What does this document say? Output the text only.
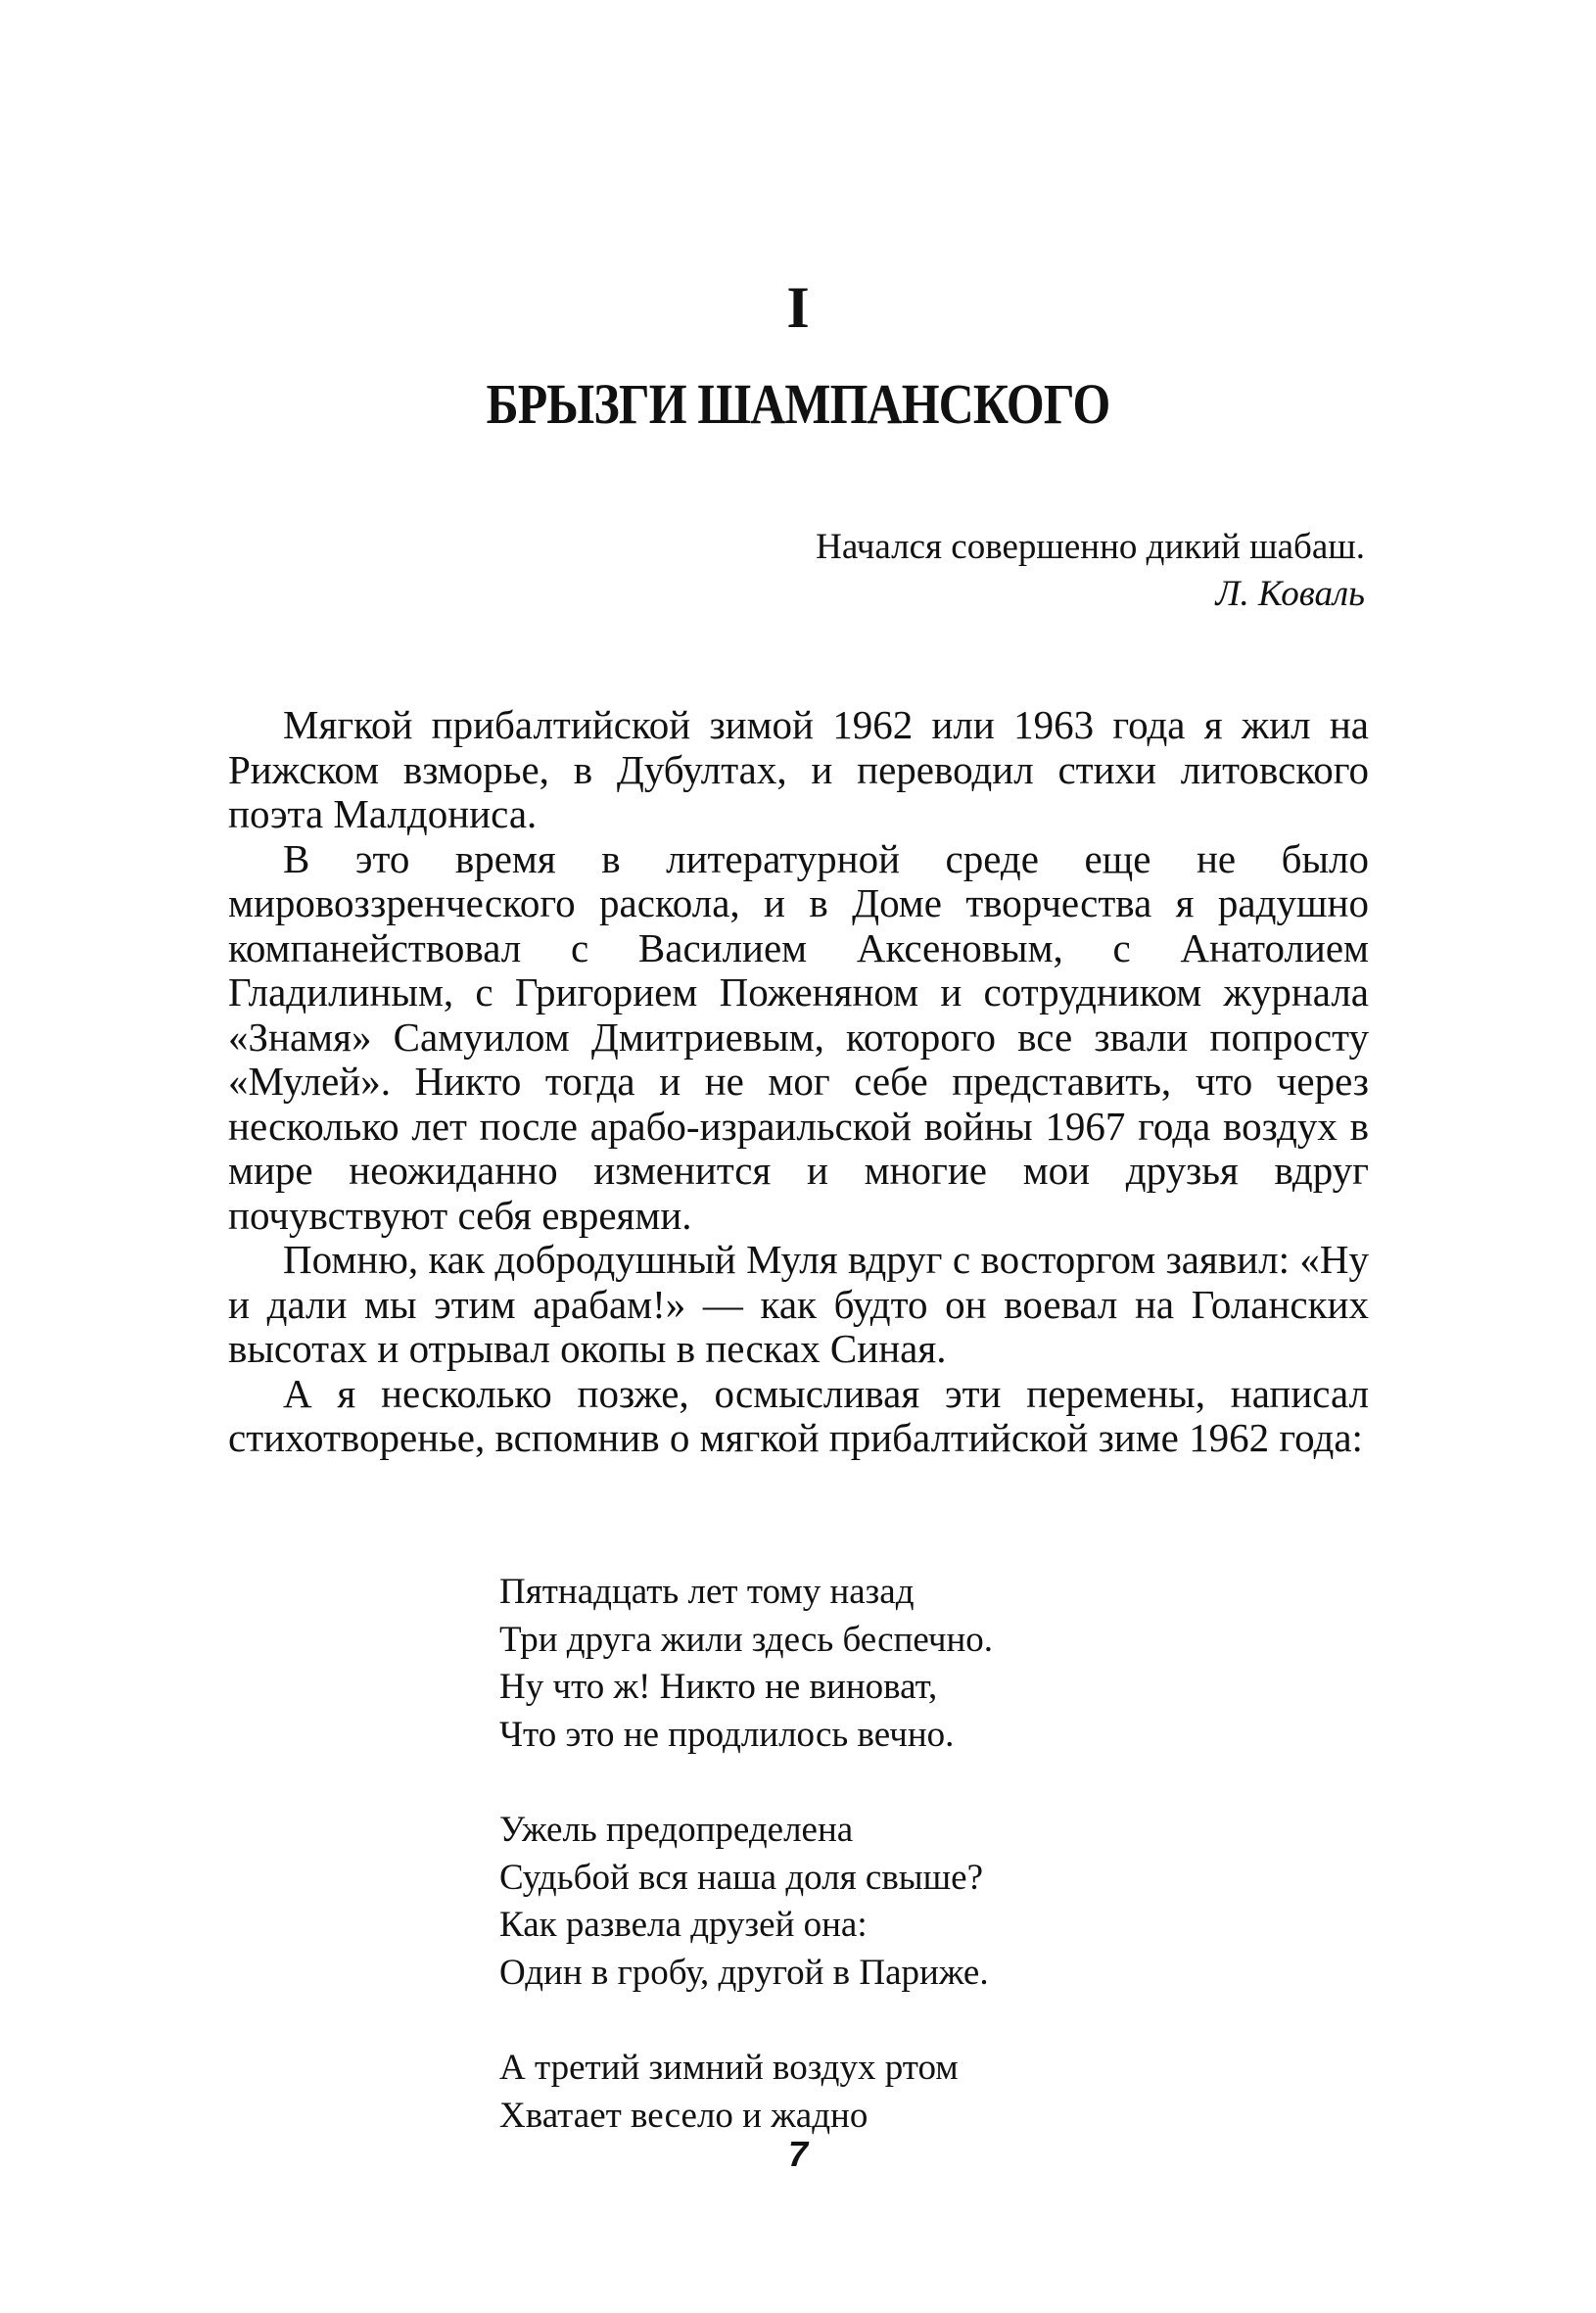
I
БРЫЗГИ ШАМПАНСКОГО
Начался совершенно дикий шабаш.
Л. Коваль

Мягкой прибалтийской зимой 1962 или 1963 года я жил на Рижском взморье, в Дубултах, и переводил стихи литовского поэта Малдониса.

В это время в литературной среде еще не было мировоззренческого раскола, и в Доме творчества я радушно компанействовал с Василием Аксеновым, с Анатолием Гладилиным, с Григорием Поженяном и сотрудником журнала «Знамя» Самуилом Дмитриевым, которого все звали попросту «Мулей». Никто тогда и не мог себе представить, что через несколько лет после арабо-израильской войны 1967 года воздух в мире неожиданно изменится и многие мои друзья вдруг почувствуют себя евреями.

Помню, как добродушный Муля вдруг с восторгом заявил: «Ну и дали мы этим арабам!» — как будто он воевал на Голанских высотах и отрывал окопы в песках Синая.

А я несколько позже, осмысливая эти перемены, написал стихотворенье, вспомнив о мягкой прибалтийской зиме 1962 года:

Пятнадцать лет тому назад
Три друга жили здесь беспечно.
Ну что ж! Никто не виноват,
Что это не продлилось вечно.
Ужель предопределена
Судьбой вся наша доля свыше?
Как развела друзей она:
Один в гробу, другой в Париже.
А третий зимний воздух ртом
Хватает весело и жадно
7
